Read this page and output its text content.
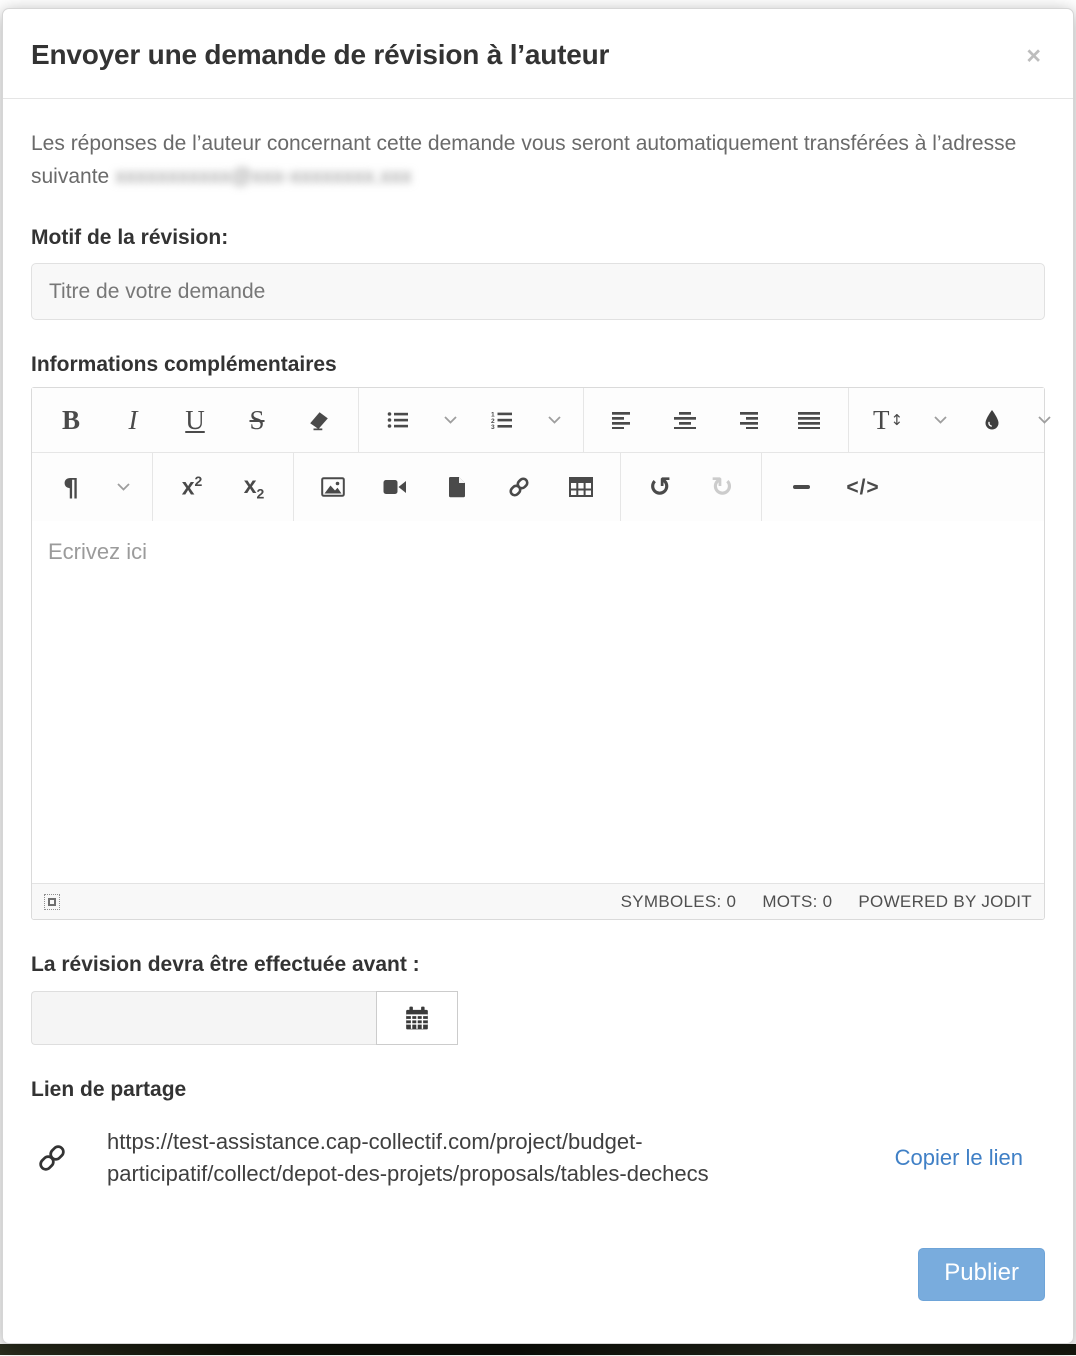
Envoyer une demande de révision à l’auteur	×

Les réponses de l’auteur concernant cette demande vous seront automatiquement transférées à l’adresse suivante xxxxxxxxxxx@xxx-xxxxxxxx.xxx

Motif de la révision:
Titre de votre demande
Informations complémentaires
B I U S	1
2
3	T ↕
¶	$x^2$ $x_2$	↺ ↻	</>
Ecrivez ici
SYMBOLES: 0 MOTS: 0 POWERED BY JODIT
La révision devra être effectuée avant :
Lien de partage
https://test-assistance.cap-collectif.com/project/budget-participatif/collect/depot-des-projets/proposals/tables-dechecs
Copier le lien
Publier
